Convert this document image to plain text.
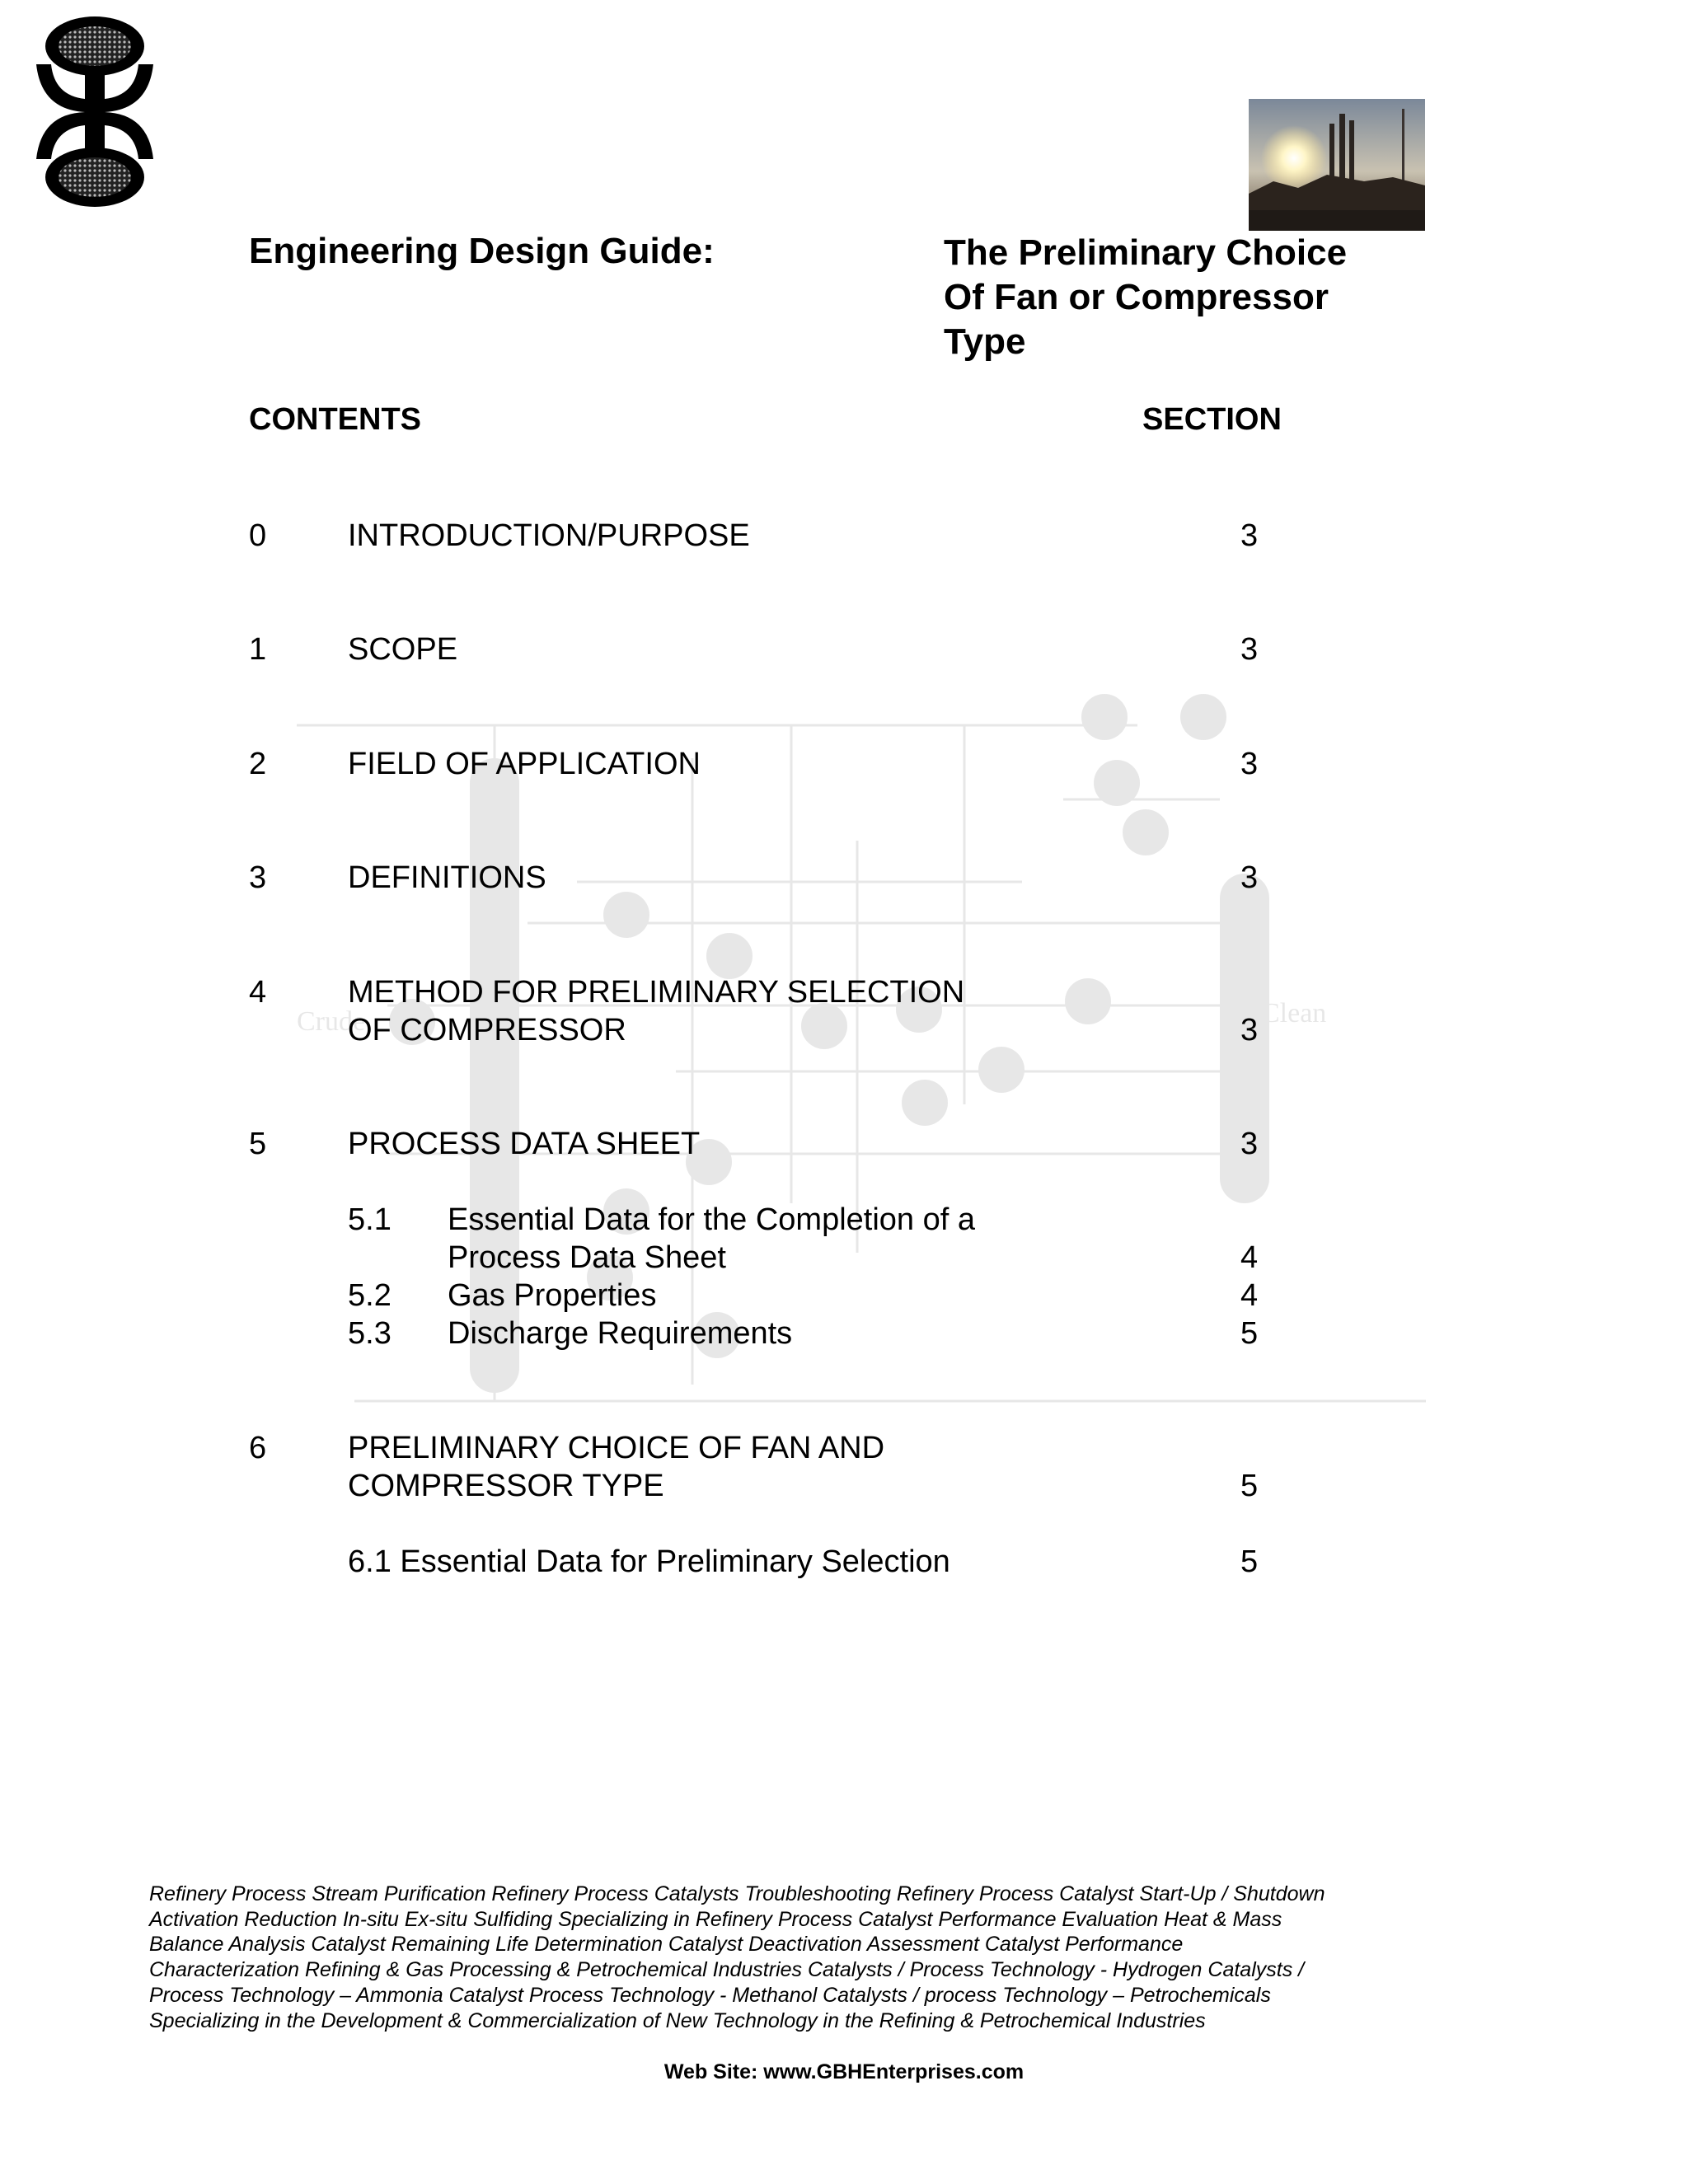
Crude	Clean
Engineering Design Guide:	The Preliminary Choice
Of Fan or Compressor
Type
CONTENTS	SECTION
0	INTRODUCTION/PURPOSE	3
1	SCOPE	3
2	FIELD OF APPLICATION	3
3	DEFINITIONS	3
4	METHOD FOR PRELIMINARY SELECTION
OF COMPRESSOR	3
5	PROCESS DATA SHEET	3
5.1 Essential Data for the Completion of a
Process Data Sheet	4
5.2 Gas Properties	4
5.3 Discharge Requirements	5
6	PRELIMINARY CHOICE OF FAN AND
COMPRESSOR TYPE	5
6.1 Essential Data for Preliminary Selection	5
Refinery Process Stream Purification Refinery Process Catalysts Troubleshooting Refinery Process Catalyst Start-Up / Shutdown
Activation Reduction In-situ Ex-situ Sulfiding Specializing in Refinery Process Catalyst Performance Evaluation Heat & Mass
Balance Analysis Catalyst Remaining Life Determination Catalyst Deactivation Assessment Catalyst Performance
Characterization Refining & Gas Processing & Petrochemical Industries Catalysts / Process Technology - Hydrogen Catalysts /
Process Technology – Ammonia Catalyst Process Technology - Methanol Catalysts / process Technology – Petrochemicals
Specializing in the Development & Commercialization of New Technology in the Refining & Petrochemical Industries
Web Site: www.GBHEnterprises.com
